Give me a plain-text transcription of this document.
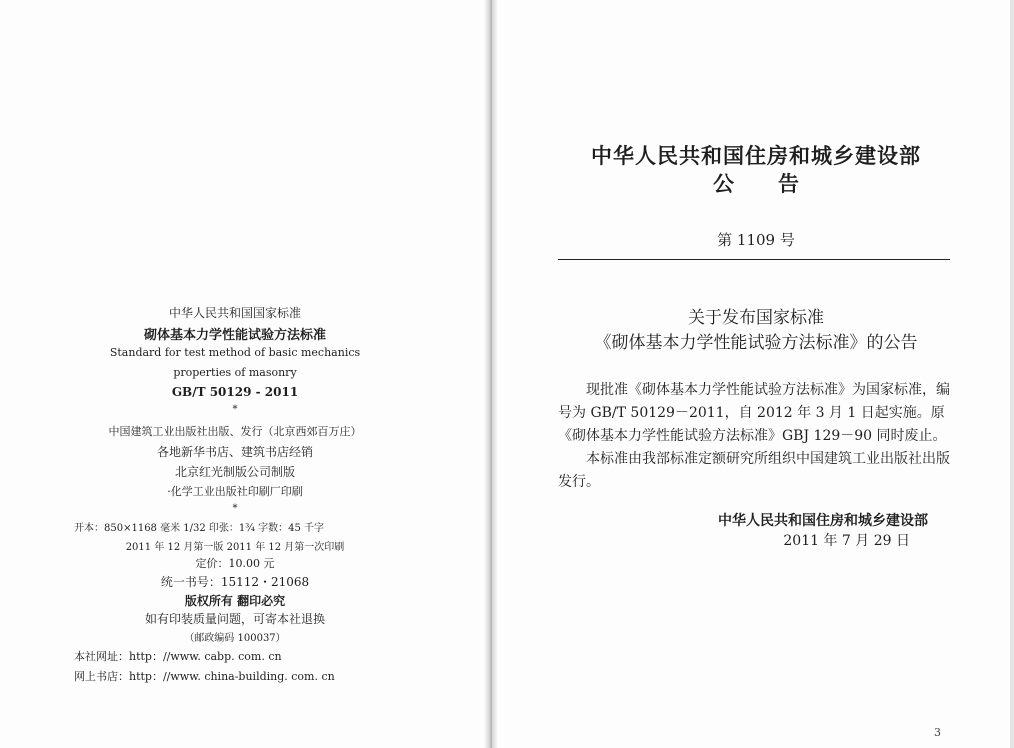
中华人民共和国国家标准
砌体基本力学性能试验方法标准
Standard for test method of basic mechanics
properties of masonry
GB/T 50129 - 2011
*
中国建筑工业出版社出版、发行（北京西郊百万庄）
各地新华书店、建筑书店经销
北京红光制版公司制版
·化学工业出版社印刷厂印刷
*
开本：850×1168 毫米 1/32 印张：1¾ 字数：45 千字
2011 年 12 月第一版 2011 年 12 月第一次印刷
定价：10.00 元
统一书号：15112・21068
版权所有 翻印必究
如有印装质量问题，可寄本社退换
（邮政编码 100037）
本社网址：http：//www. cabp. com. cn
网上书店：http：//www. china-building. com. cn
中华人民共和国住房和城乡建设部
公 告
第 1109 号
关于发布国家标准
《砌体基本力学性能试验方法标准》的公告

现批准《砌体基本力学性能试验方法标准》为国家标准，编号为 GB/T 50129－2011，自 2012 年 3 月 1 日起实施。原《砌体基本力学性能试验方法标准》GBJ 129－90 同时废止。

本标准由我部标准定额研究所组织中国建筑工业出版社出版发行。

中华人民共和国住房和城乡建设部
2011 年 7 月 29 日
3
